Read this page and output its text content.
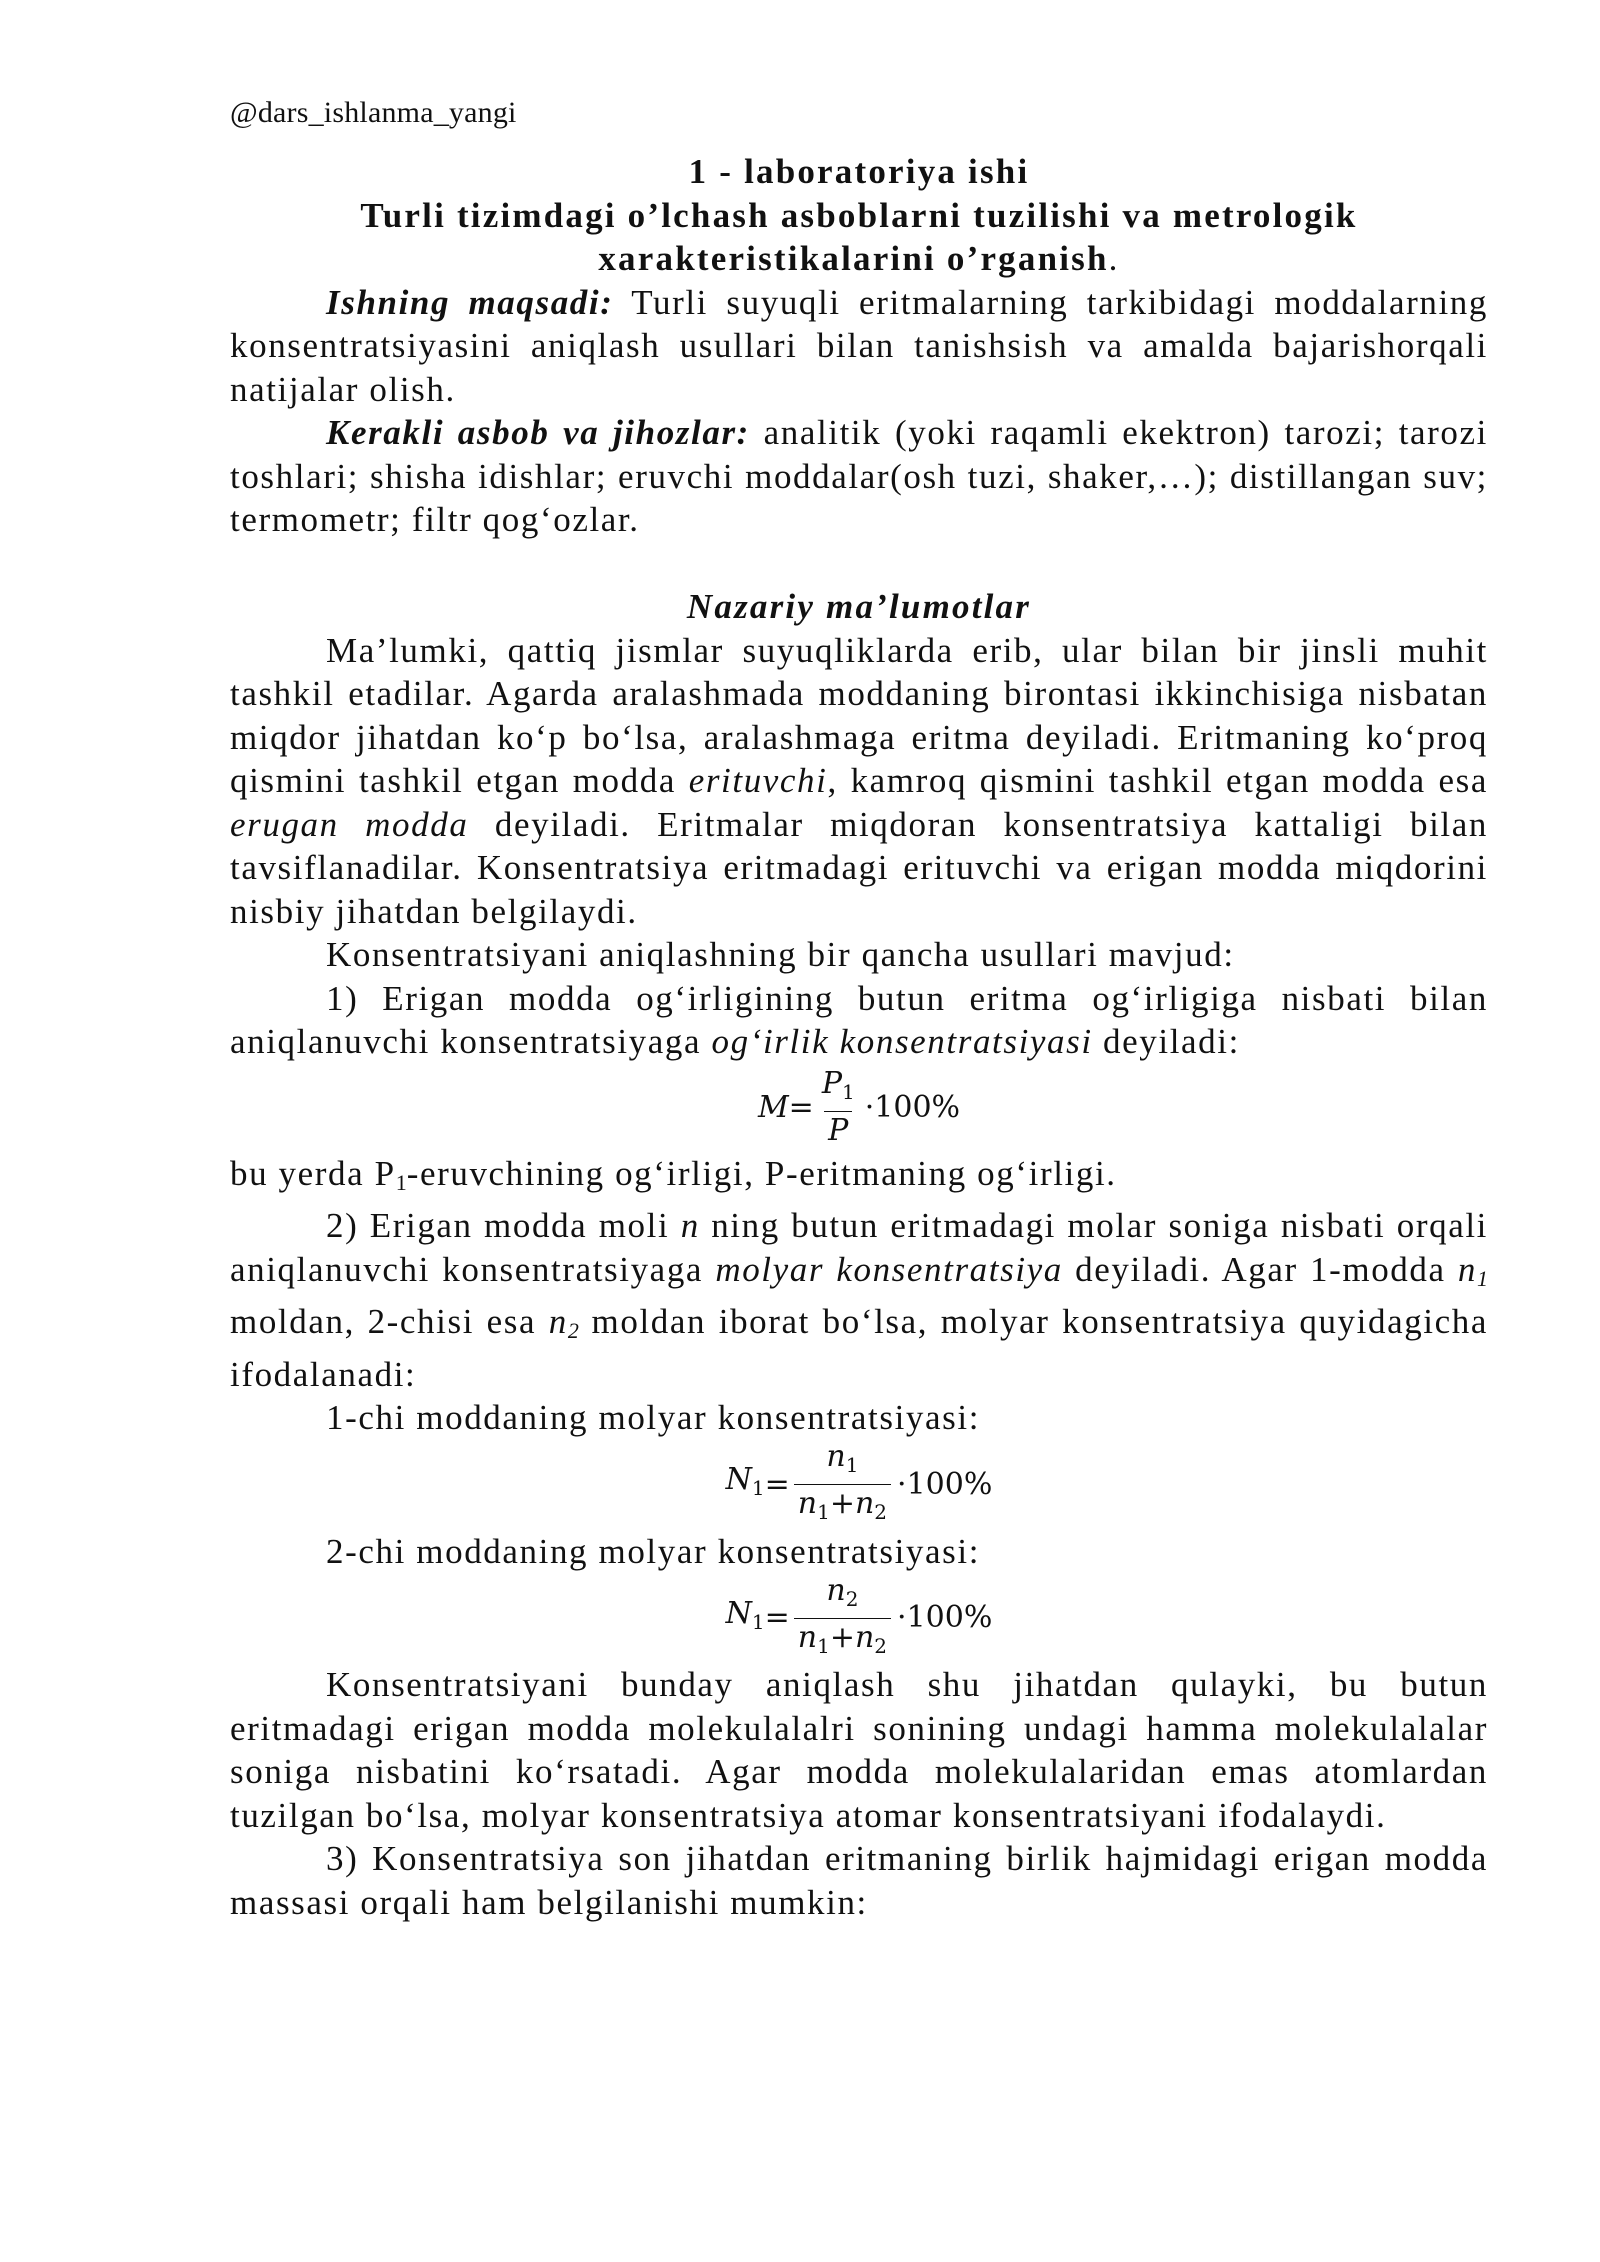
@dars_ishlanma_yangi

1 - laboratoriya ishi

Turli tizimdagi o’lchash asboblarni tuzilishi va metrologik

xarakteristikalarini o’rganish.

Ishning maqsadi: Turli suyuqli eritmalarning tarkibidagi moddalarning konsentratsiyasini aniqlash usullari bilan tanishsish va amalda bajarishorqali natijalar olish.

Kerakli asbob va jihozlar: analitik (yoki raqamli ekektron) tarozi; tarozi toshlari; shisha idishlar; eruvchi moddalar(osh tuzi, shaker,…); distillangan suv; termometr; filtr qog‘ozlar.

Nazariy ma’lumotlar

Ma’lumki, qattiq jismlar suyuqliklarda erib, ular bilan bir jinsli muhit tashkil etadilar. Agarda aralashmada moddaning birontasi ikkinchisiga nisbatan miqdor jihatdan ko‘p bo‘lsa, aralashmaga eritma deyiladi. Eritmaning ko‘proq qismini tashkil etgan modda erituvchi, kamroq qismini tashkil etgan modda esa erugan modda deyiladi. Eritmalar miqdoran konsentratsiya kattaligi bilan tavsiflanadilar. Konsentratsiya eritmadagi erituvchi va erigan modda miqdorini nisbiy jihatdan belgilaydi.

Konsentratsiyani aniqlashning bir qancha usullari mavjud:

1) Erigan modda og‘irligining butun eritma og‘irligiga nisbati bilan aniqlanuvchi konsentratsiyaga og‘irlik konsentratsiyasi deyiladi:

$M = \frac{P_1}{P} \cdot 100\%$

bu yerda $P_1$-eruvchining og‘irligi, P-eritmaning og‘irligi.

2) Erigan modda moli n ning butun eritmadagi molar soniga nisbati orqali aniqlanuvchi konsentratsiyaga molyar konsentratsiya deyiladi. Agar 1-modda $n_1$ moldan, 2-chisi esa $n_2$ moldan iborat bo‘lsa, molyar konsentratsiya quyidagicha ifodalanadi:

1-chi moddaning molyar konsentratsiyasi:

$N_1 = \frac{n_1}{n_1+n_2} \cdot 100\%$

2-chi moddaning molyar konsentratsiyasi:

$N_1 = \frac{n_2}{n_1+n_2} \cdot 100\%$

Konsentratsiyani bunday aniqlash shu jihatdan qulayki, bu butun eritmadagi erigan modda molekulalalri sonining undagi hamma molekulalalar soniga nisbatini ko‘rsatadi. Agar modda molekulalaridan emas atomlardan tuzilgan bo‘lsa, molyar konsentratsiya atomar konsentratsiyani ifodalaydi.

3) Konsentratsiya son jihatdan eritmaning birlik hajmidagi erigan modda massasi orqali ham belgilanishi mumkin:
